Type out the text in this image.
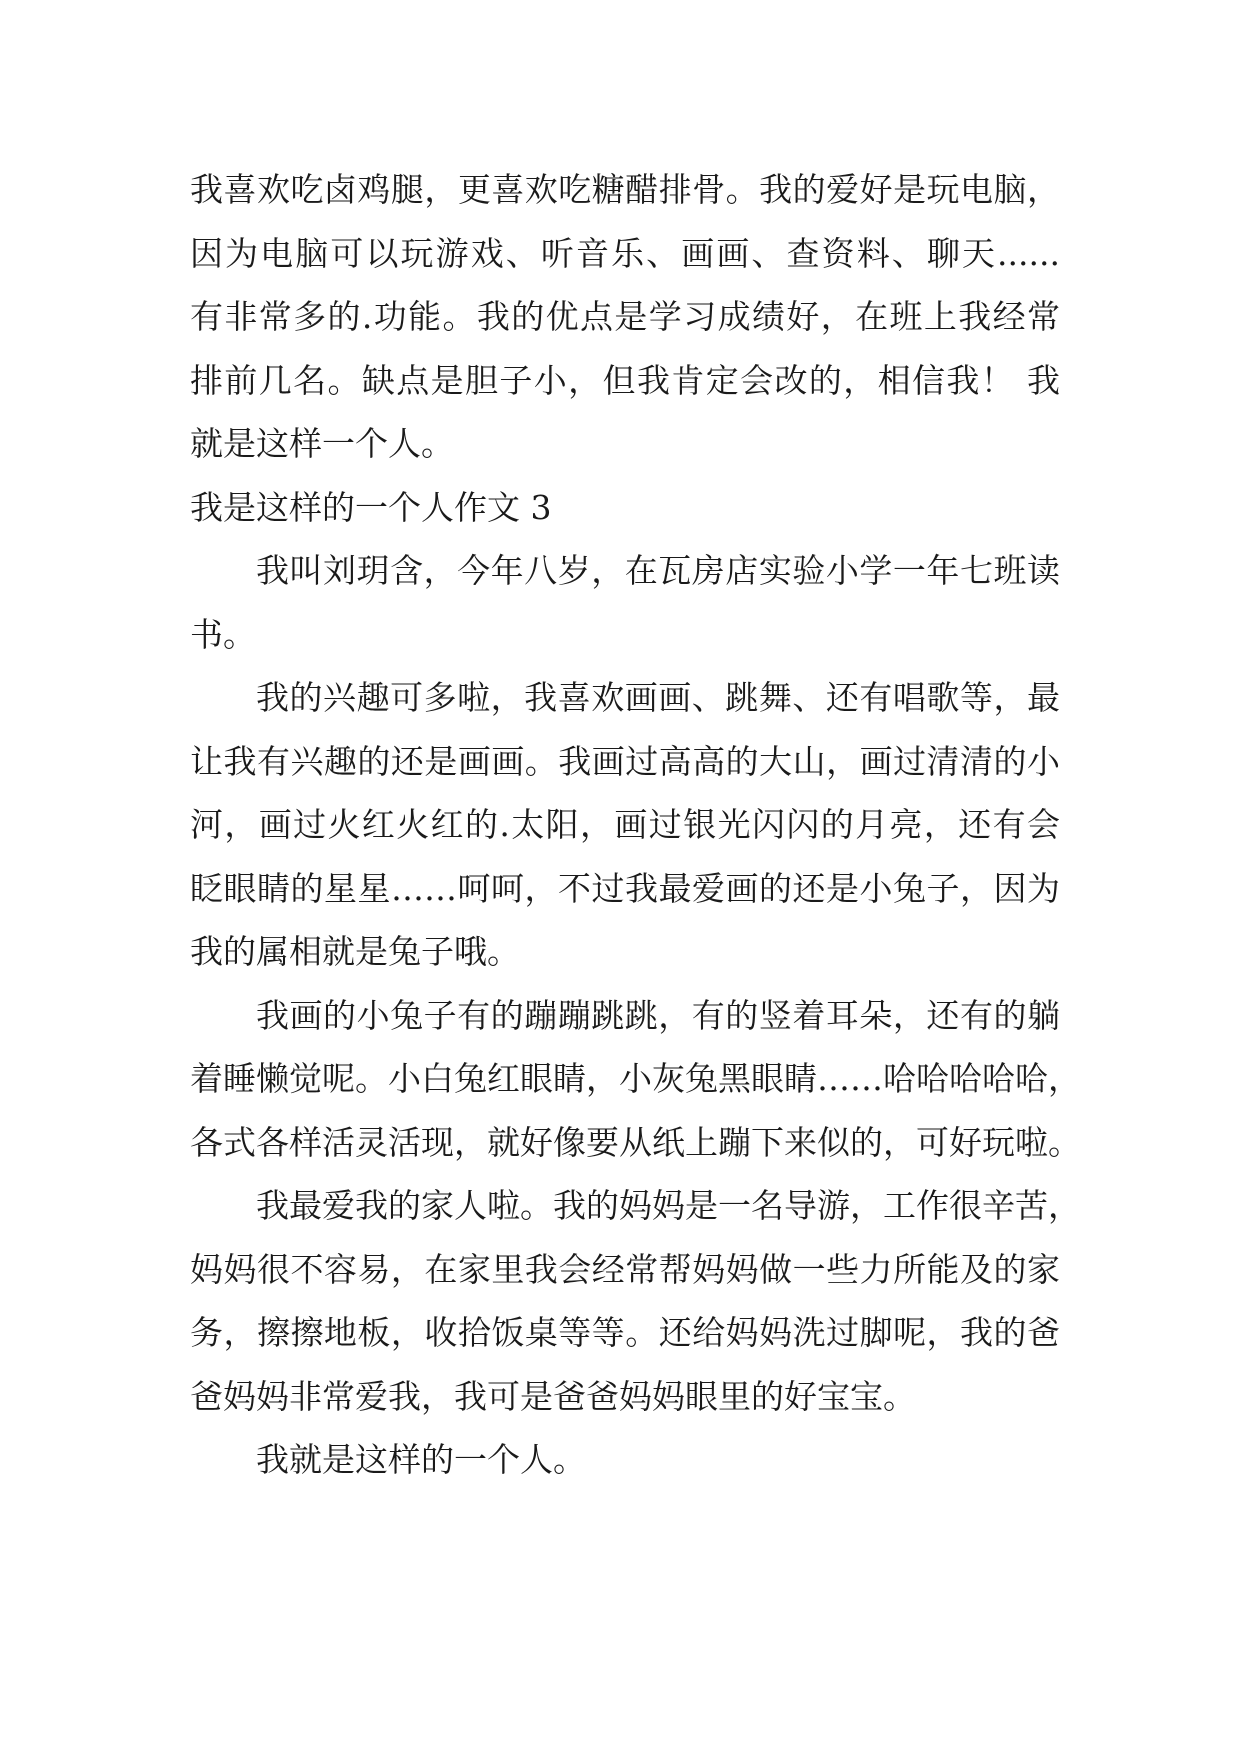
我喜欢吃卤鸡腿，更喜欢吃糖醋排骨。我的爱好是玩电脑，
因为电脑可以玩游戏、听音乐、画画、查资料、聊天......
有非常多的.功能。我的优点是学习成绩好，在班上我经常
排前几名。缺点是胆子小，但我肯定会改的，相信我！ 我
就是这样一个人。

我是这样的一个人作文 3

我叫刘玥含，今年八岁，在瓦房店实验小学一年七班读
书。

我的兴趣可多啦，我喜欢画画、跳舞、还有唱歌等，最
让我有兴趣的还是画画。我画过高高的大山，画过清清的小
河，画过火红火红的.太阳，画过银光闪闪的月亮，还有会
眨眼睛的星星……呵呵，不过我最爱画的还是小兔子，因为
我的属相就是兔子哦。

我画的小兔子有的蹦蹦跳跳，有的竖着耳朵，还有的躺
着睡懒觉呢。小白兔红眼睛，小灰兔黑眼睛……哈哈哈哈哈，
各式各样活灵活现，就好像要从纸上蹦下来似的，可好玩啦。

我最爱我的家人啦。我的妈妈是一名导游，工作很辛苦，
妈妈很不容易，在家里我会经常帮妈妈做一些力所能及的家
务，擦擦地板，收拾饭桌等等。还给妈妈洗过脚呢，我的爸
爸妈妈非常爱我，我可是爸爸妈妈眼里的好宝宝。

我就是这样的一个人。
